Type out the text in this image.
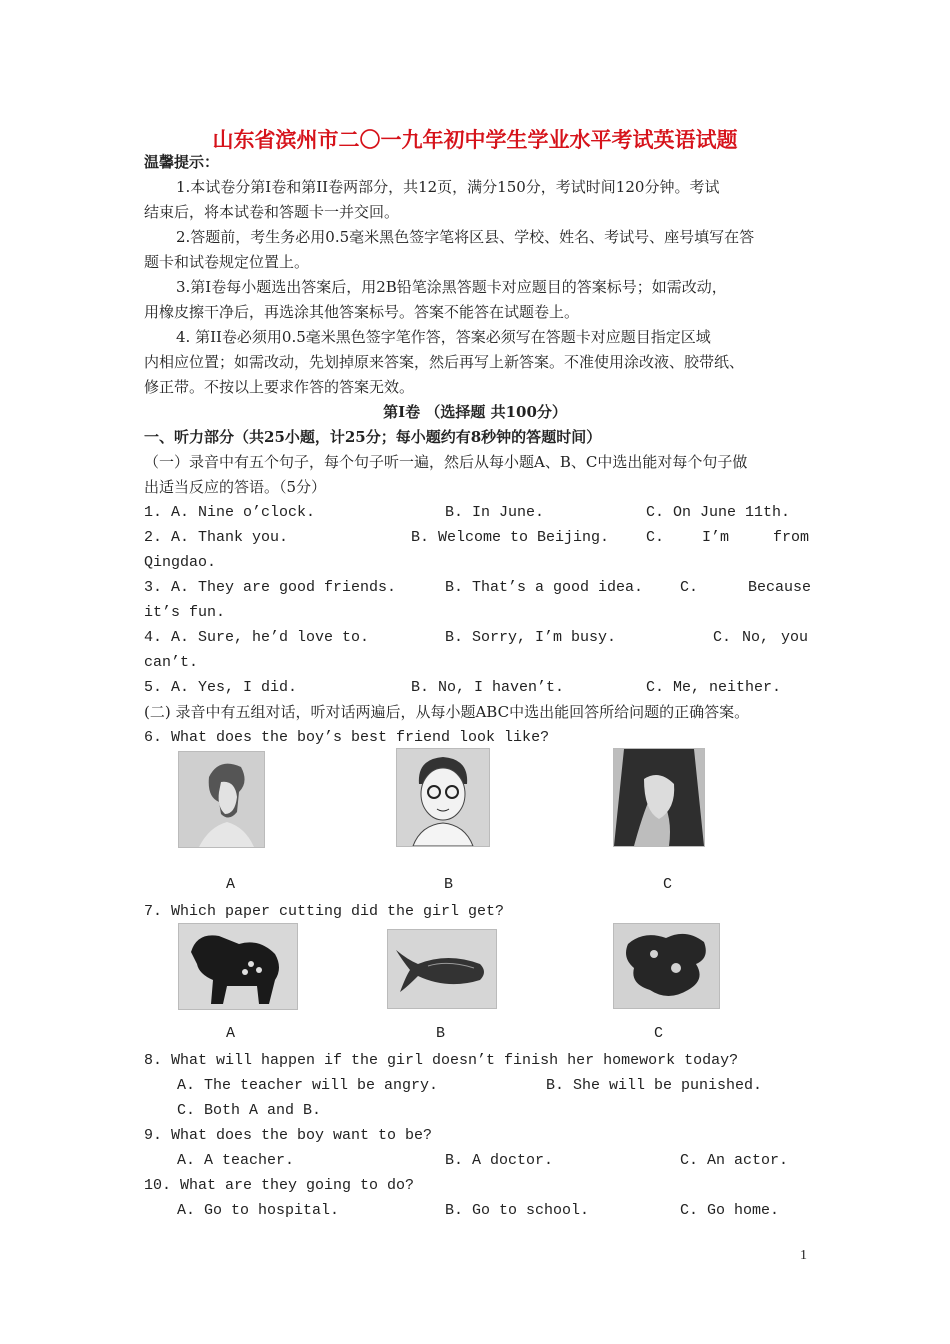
山东省滨州市二〇一九年初中学生学业水平考试英语试题
温馨提示：
1.本试卷分第Ⅰ卷和第II卷两部分，共12页，满分150分，考试时间120分钟。考试
结束后，将本试卷和答题卡一并交回。
2.答题前，考生务必用0.5毫米黑色签字笔将区县、学校、姓名、考试号、座号填写在答
题卡和试卷规定位置上。
3.第Ⅰ卷每小题选出答案后，用2B铅笔涂黑答题卡对应题目的答案标号；如需改动，
用橡皮擦干净后，再选涂其他答案标号。答案不能答在试题卷上。
4. 第II卷必须用0.5毫米黑色签字笔作答，答案必须写在答题卡对应题目指定区域
内相应位置；如需改动，先划掉原来答案，然后再写上新答案。不准使用涂改液、胶带纸、
修正带。不按以上要求作答的答案无效。
第Ⅰ卷 （选择题 共100分）
一、听力部分（共25小题，计25分；每小题约有8秒钟的答题时间）
（一）录音中有五个句子，每个句子听一遍，然后从每小题A、B、C中选出能对每个句子做
出适当反应的答语。（5分）
1. A. Nine o’clock.	B. In June.	C. On June 11th.
2. A. Thank you.	B. Welcome to Beijing. C.	I’m	from
Qingdao.
3. A. They are good friends.	B. That’s a good idea. C.	Because
it’s fun.
4. A. Sure, he’d love to.	B. Sorry, I’m busy.	C. No, you
can’t.
5. A. Yes, I did.	B. No, I haven’t.	C. Me, neither.
(二) 录音中有五组对话，听对话两遍后，从每小题ABC中选出能回答所给问题的正确答案。
6. What does the boy’s best friend look like?
A	B	C
7. Which paper cutting did the girl get?
A	B	C
8. What will happen if the girl doesn’t finish her homework today?
A. The teacher will be angry.	B. She will be punished.
C. Both A and B.
9. What does the boy want to be?
A. A teacher.	B. A doctor.	C. An actor.
10. What are they going to do?
A. Go to hospital.	B. Go to school.	C. Go home.
1
